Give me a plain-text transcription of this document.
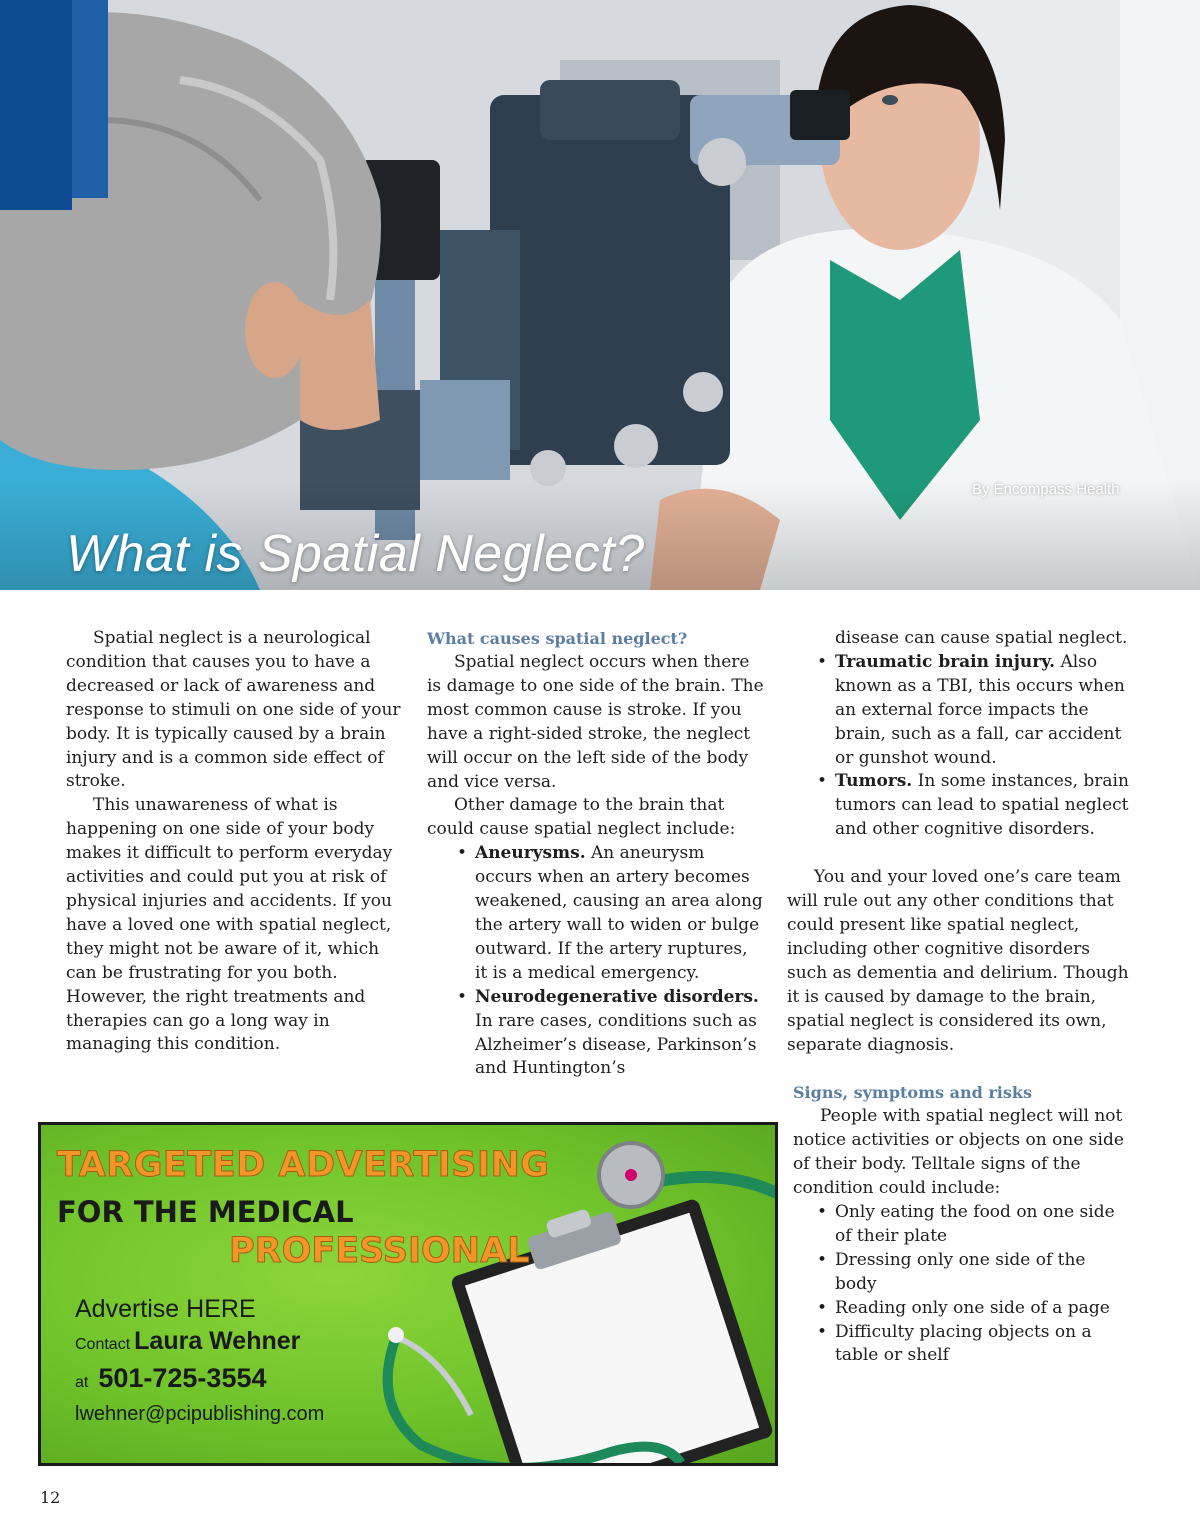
By Encompass Health
What is Spatial Neglect?

Spatial neglect is a neurological condition that causes you to have a decreased or lack of awareness and response to stimuli on one side of your body. It is typically caused by a brain injury and is a common side effect of stroke.

This unawareness of what is happening on one side of your body makes it difficult to perform everyday activities and could put you at risk of physical injuries and accidents. If you have a loved one with spatial neglect, they might not be aware of it, which can be frustrating for you both. However, the right treatments and therapies can go a long way in managing this condition.

What causes spatial neglect?

Spatial neglect occurs when there is damage to one side of the brain. The most common cause is stroke. If you have a right-sided stroke, the neglect will occur on the left side of the body and vice versa.

Other damage to the brain that could cause spatial neglect include:

• Aneurysms. An aneurysm occurs when an artery becomes weakened, causing an area along the artery wall to widen or bulge outward. If the artery ruptures, it is a medical emergency.
• Neurodegenerative disorders. In rare cases, conditions such as Alzheimer’s disease, Parkinson’s and Huntington’s
disease can cause spatial neglect.
• Traumatic brain injury. Also known as a TBI, this occurs when an external force impacts the brain, such as a fall, car accident or gunshot wound.
• Tumors. In some instances, brain tumors can lead to spatial neglect and other cognitive disorders.

You and your loved one’s care team will rule out any other conditions that could present like spatial neglect, including other cognitive disorders such as dementia and delirium. Though it is caused by damage to the brain, spatial neglect is considered its own, separate diagnosis.

Signs, symptoms and risks

People with spatial neglect will not notice activities or objects on one side of their body. Telltale signs of the condition could include:

• Only eating the food on one side of their plate
• Dressing only one side of the body
• Reading only one side of a page
• Difficulty placing objects on a table or shelf
TARGETED ADVERTISING
FOR THE MEDICAL
PROFESSIONAL
Advertise HERE
Contact Laura Wehner
at 501-725-3554
lwehner@pcipublishing.com
12
